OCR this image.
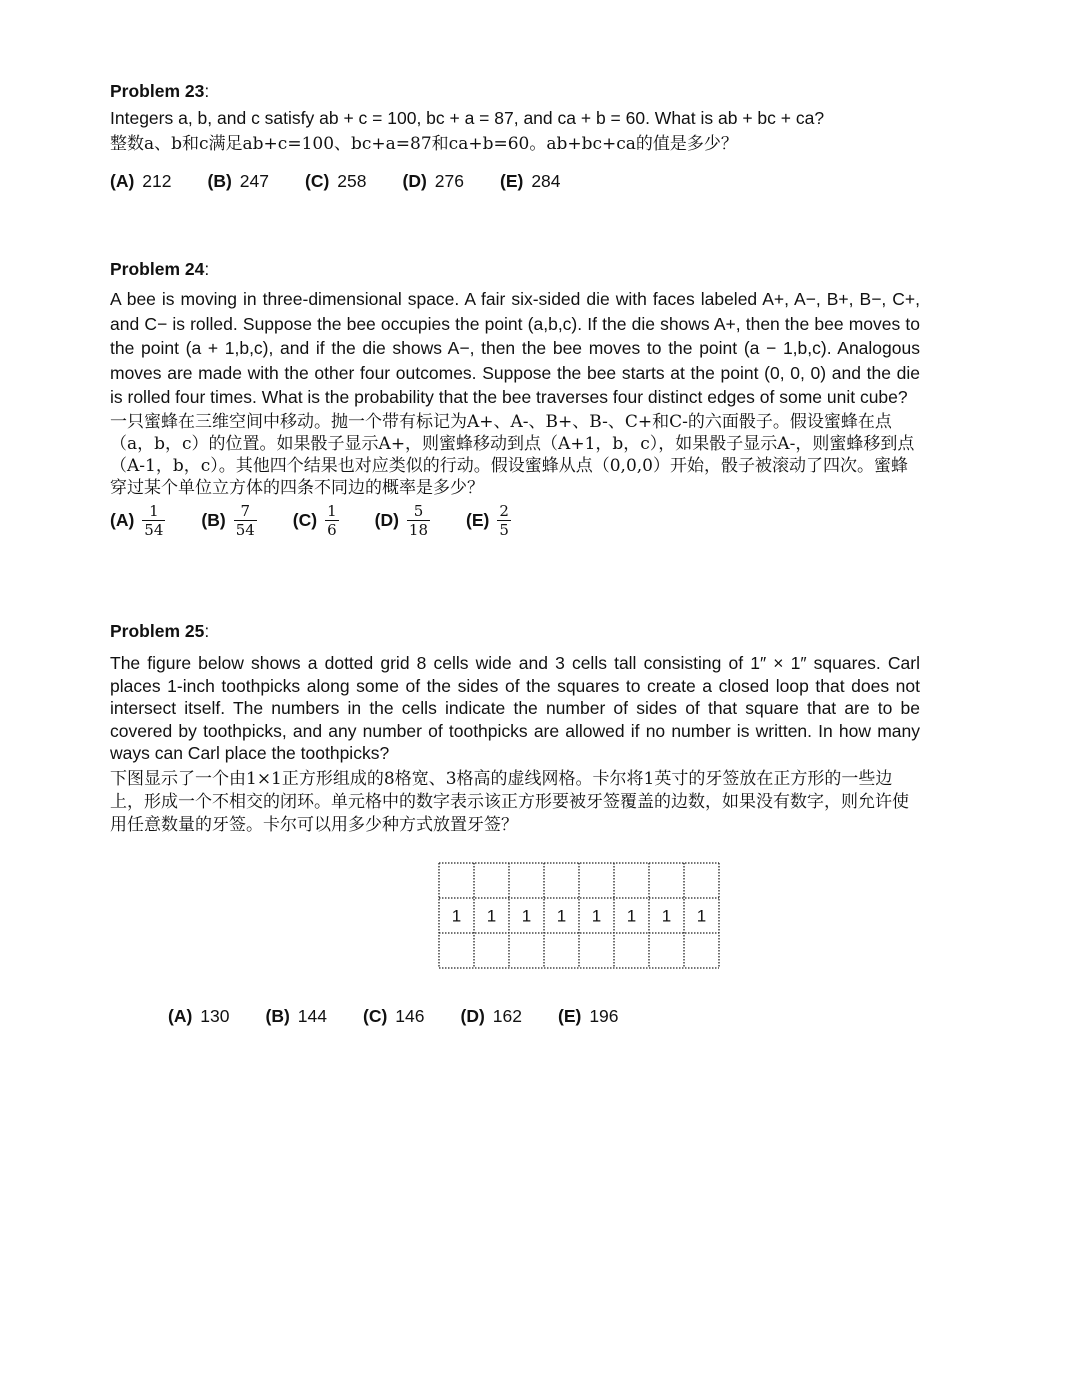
Problem 23:
Integers a, b, and c satisfy ab + c = 100, bc + a = 87, and ca + b = 60. What is ab + bc + ca?
整数a、b和c满足ab+c=100、bc+a=87和ca+b=60。ab+bc+ca的值是多少？
(A) 212 (B) 247 (C) 258 (D) 276 (E) 284
Problem 24:
A bee is moving in three-dimensional space. A fair six-sided die with faces labeled A+, A−, B+, B−, C+, and C− is rolled. Suppose the bee occupies the point (a,b,c). If the die shows A+, then the bee moves to the point (a + 1,b,c), and if the die shows A−, then the bee moves to the point (a − 1,b,c). Analogous moves are made with the other four outcomes. Suppose the bee starts at the point (0, 0, 0) and the die is rolled four times. What is the probability that the bee traverses four distinct edges of some unit cube?
一只蜜蜂在三维空间中移动。抛一个带有标记为A+、A-、B+、B-、C+和C-的六面骰子。假设蜜蜂在点（a，b，c）的位置。如果骰子显示A+，则蜜蜂移动到点（A+1，b，c），如果骰子显示A-，则蜜蜂移到点（A-1，b，c）。其他四个结果也对应类似的行动。假设蜜蜂从点（0,0,0）开始，骰子被滚动了四次。蜜蜂穿过某个单位立方体的四条不同边的概率是多少？
$(A) \frac{1}{54} (B) \frac{7}{54} (C) \frac{1}{6} (D) \frac{5}{18} (E) \frac{2}{5}$
Problem 25:
The figure below shows a dotted grid 8 cells wide and 3 cells tall consisting of 1″ × 1″ squares. Carl places 1-inch toothpicks along some of the sides of the squares to create a closed loop that does not intersect itself. The numbers in the cells indicate the number of sides of that square that are to be covered by toothpicks, and any number of toothpicks are allowed if no number is written. In how many ways can Carl place the toothpicks?
下图显示了一个由1×1正方形组成的8格宽、3格高的虚线网格。卡尔将1英寸的牙签放在正方形的一些边上，形成一个不相交的闭环。单元格中的数字表示该正方形要被牙签覆盖的边数，如果没有数字，则允许使用任意数量的牙签。卡尔可以用多少种方式放置牙签？
1 1 1 1 1 1 1 1
(A) 130 (B) 144 (C) 146 (D) 162 (E) 196
